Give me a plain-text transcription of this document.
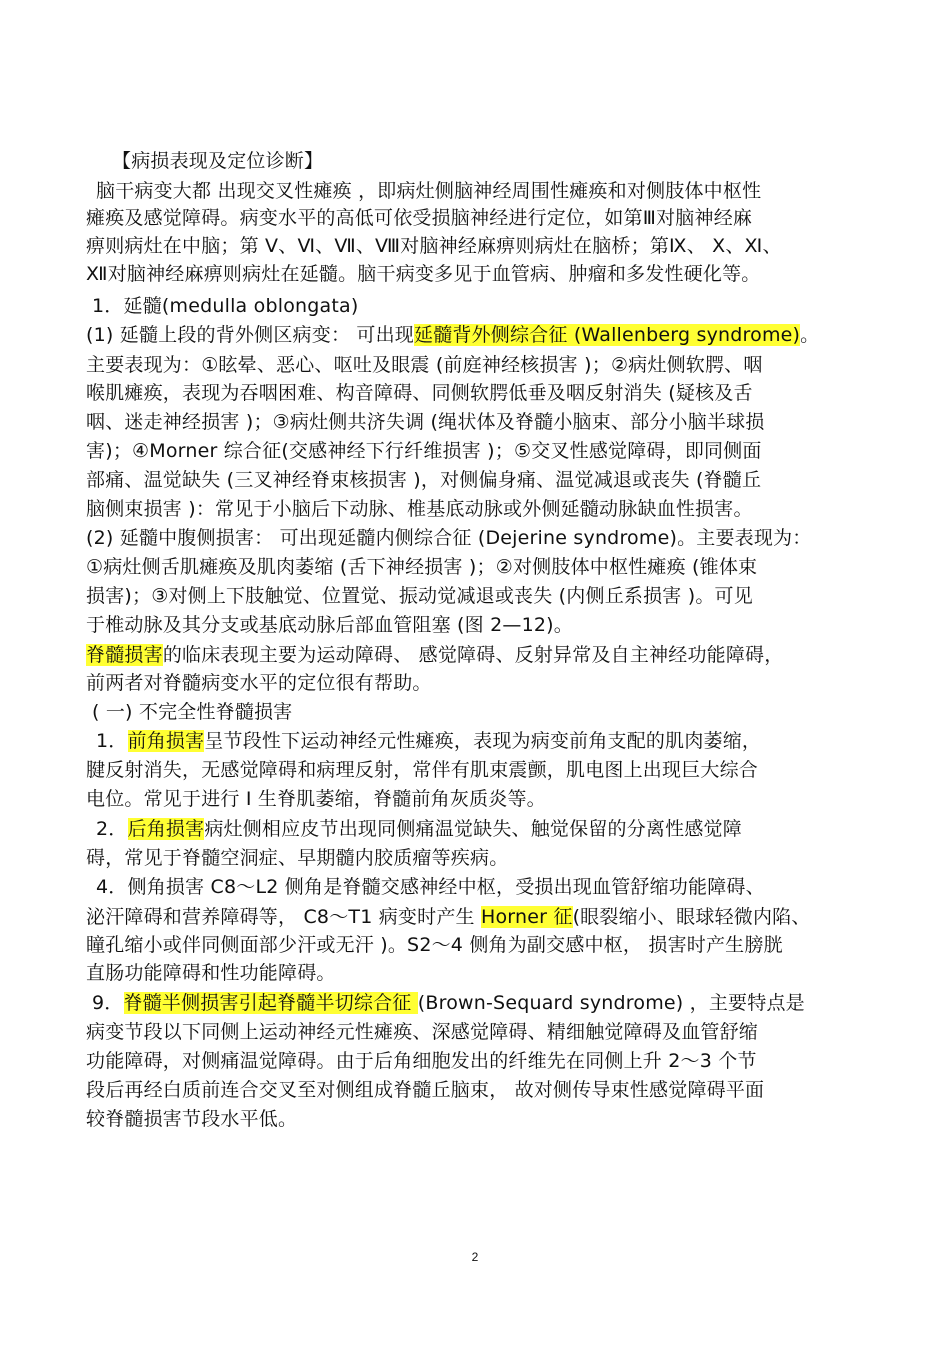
【病损表现及定位诊断】
脑干病变大都 出现交叉性瘫痪 ，即病灶侧脑神经周围性瘫痪和对侧肢体中枢性
瘫痪及感觉障碍。病变水平的高低可依受损脑神经进行定位，如第Ⅲ对脑神经麻
痹则病灶在中脑；第 Ⅴ、Ⅵ、Ⅶ、Ⅷ对脑神经麻痹则病灶在脑桥；第Ⅸ、 Ⅹ、Ⅺ、
Ⅻ对脑神经麻痹则病灶在延髓。脑干病变多见于血管病、肿瘤和多发性硬化等。
1．延髓(medulla oblongata)
(1) 延髓上段的背外侧区病变： 可出现延髓背外侧综合征 (Wallenberg syndrome)。
主要表现为：①眩晕、恶心、呕吐及眼震 (前庭神经核损害 )；②病灶侧软腭、咽
喉肌瘫痪，表现为吞咽困难、构音障碍、同侧软腭低垂及咽反射消失 (疑核及舌
咽、迷走神经损害 )；③病灶侧共济失调 (绳状体及脊髓小脑束、部分小脑半球损
害)；④Morner 综合征(交感神经下行纤维损害 )；⑤交叉性感觉障碍，即同侧面
部痛、温觉缺失 (三叉神经脊束核损害 )，对侧偏身痛、温觉减退或丧失 (脊髓丘
脑侧束损害 )：常见于小脑后下动脉、椎基底动脉或外侧延髓动脉缺血性损害。
(2) 延髓中腹侧损害： 可出现延髓内侧综合征 (Dejerine syndrome)。主要表现为：
①病灶侧舌肌瘫痪及肌肉萎缩 (舌下神经损害 )；②对侧肢体中枢性瘫痪 (锥体束
损害)；③对侧上下肢触觉、位置觉、振动觉减退或丧失 (内侧丘系损害 )。可见
于椎动脉及其分支或基底动脉后部血管阻塞 (图 2—12)。
脊髓损害的临床表现主要为运动障碍、 感觉障碍、反射异常及自主神经功能障碍，
前两者对脊髓病变水平的定位很有帮助。
( 一) 不完全性脊髓损害
1．前角损害呈节段性下运动神经元性瘫痪，表现为病变前角支配的肌肉萎缩，
腱反射消失，无感觉障碍和病理反射，常伴有肌束震颤，肌电图上出现巨大综合
电位。常见于进行 Ⅰ 生脊肌萎缩，脊髓前角灰质炎等。
2．后角损害病灶侧相应皮节出现同侧痛温觉缺失、触觉保留的分离性感觉障
碍，常见于脊髓空洞症、早期髓内胶质瘤等疾病。
4．侧角损害 C8～L2 侧角是脊髓交感神经中枢，受损出现血管舒缩功能障碍、
泌汗障碍和营养障碍等， C8～T1 病变时产生 Horner 征(眼裂缩小、眼球轻微内陷、
瞳孔缩小或伴同侧面部少汗或无汗 )。S2～4 侧角为副交感中枢， 损害时产生膀胱
直肠功能障碍和性功能障碍。
9．脊髓半侧损害引起脊髓半切综合征 (Brown-Sequard syndrome) ，主要特点是
病变节段以下同侧上运动神经元性瘫痪、深感觉障碍、精细触觉障碍及血管舒缩
功能障碍，对侧痛温觉障碍。由于后角细胞发出的纤维先在同侧上升 2～3 个节
段后再经白质前连合交叉至对侧组成脊髓丘脑束， 故对侧传导束性感觉障碍平面
较脊髓损害节段水平低。
2
